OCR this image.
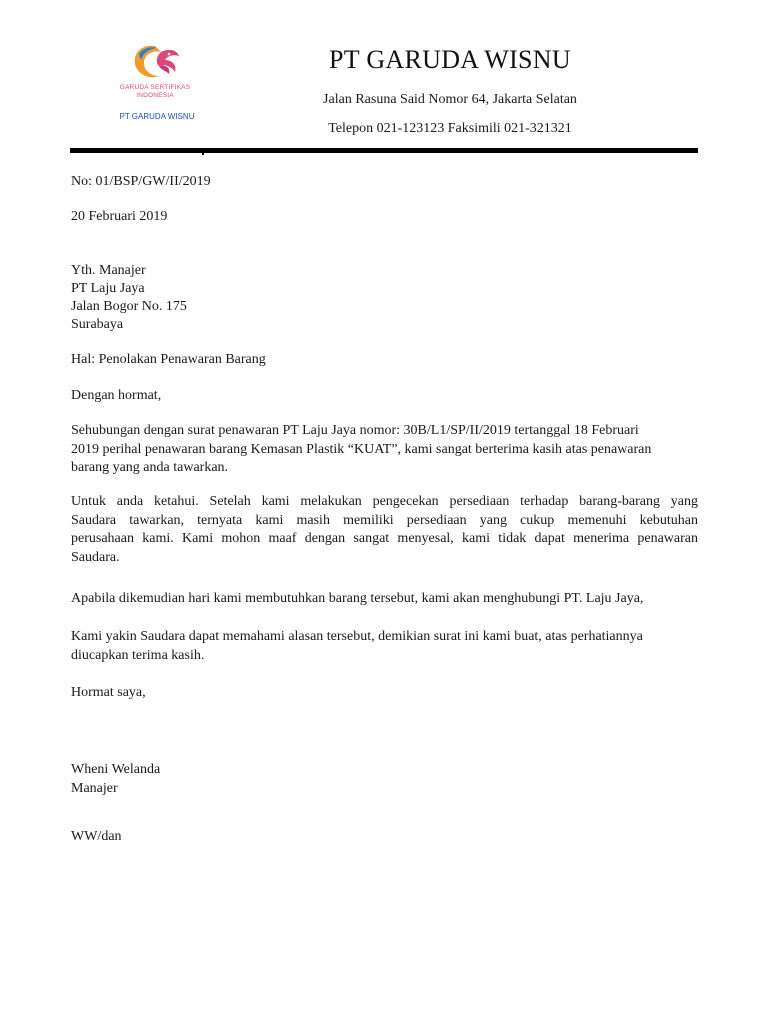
GARUDA SERTIFIKAS
INDONESIA
PT GARUDA WISNU
PT GARUDA WISNU
Jalan Rasuna Said Nomor 64, Jakarta Selatan
Telepon 021-123123 Faksimili 021-321321
No: 01/BSP/GW/II/2019
20 Februari 2019
Yth. Manajer
PT Laju Jaya
Jalan Bogor No. 175
Surabaya
Hal: Penolakan Penawaran Barang
Dengan hormat,
Sehubungan dengan surat penawaran PT Laju Jaya nomor: 30B/L1/SP/II/2019 tertanggal 18 Februari
2019 perihal penawaran barang Kemasan Plastik “KUAT”, kami sangat berterima kasih atas penawaran
barang yang anda tawarkan.
Untuk anda ketahui. Setelah kami melakukan pengecekan persediaan terhadap barang-barang yang
Saudara tawarkan, ternyata kami masih memiliki persediaan yang cukup memenuhi kebutuhan
perusahaan kami. Kami mohon maaf dengan sangat menyesal, kami tidak dapat menerima penawaran
Saudara.
Apabila dikemudian hari kami membutuhkan barang tersebut, kami akan menghubungi PT. Laju Jaya,
Kami yakin Saudara dapat memahami alasan tersebut, demikian surat ini kami buat, atas perhatiannya
diucapkan terima kasih.
Hormat saya,
Wheni Welanda
Manajer
WW/dan
